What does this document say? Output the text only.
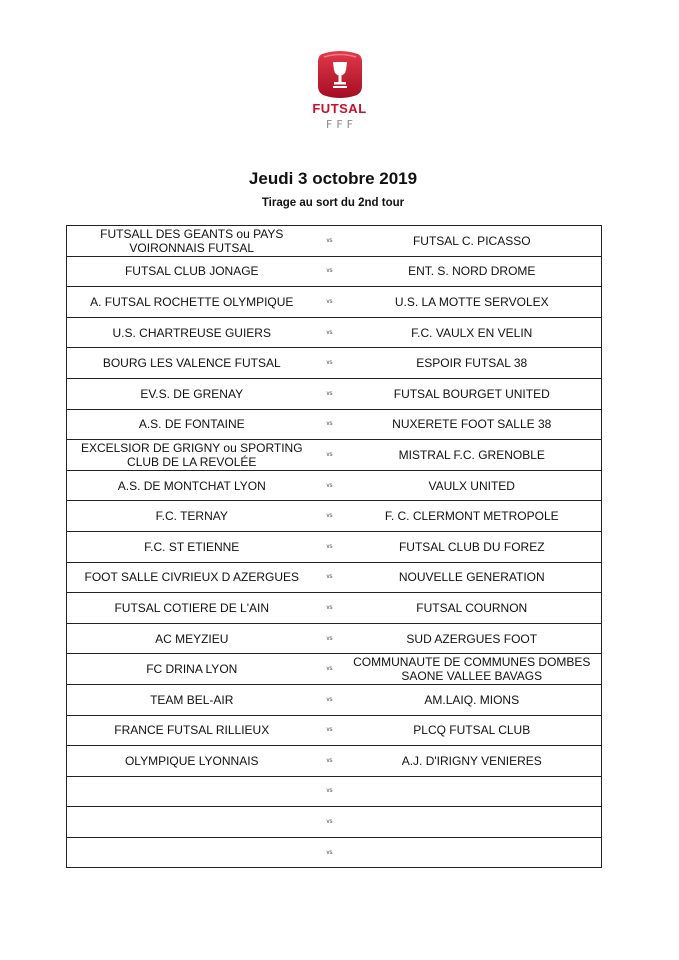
FUTSAL
FFF
Jeudi 3 octobre 2019
Tirage au sort du 2nd tour
FUTSALL DES GEANTS ou PAYS VOIRONNAIS FUTSAL	vs	FUTSAL C. PICASSO
FUTSAL CLUB JONAGE	vs	ENT. S. NORD DROME
A. FUTSAL ROCHETTE OLYMPIQUE	vs	U.S. LA MOTTE SERVOLEX
U.S. CHARTREUSE GUIERS	vs	F.C. VAULX EN VELIN
BOURG LES VALENCE FUTSAL	vs	ESPOIR FUTSAL 38
EV.S. DE GRENAY	vs	FUTSAL BOURGET UNITED
A.S. DE FONTAINE	vs	NUXERETE FOOT SALLE 38
EXCELSIOR DE GRIGNY ou SPORTING CLUB DE LA REVOLÉE	vs	MISTRAL F.C. GRENOBLE
A.S. DE MONTCHAT LYON	vs	VAULX UNITED
F.C. TERNAY	vs	F. C. CLERMONT METROPOLE
F.C. ST ETIENNE	vs	FUTSAL CLUB DU FOREZ
FOOT SALLE CIVRIEUX D AZERGUES	vs	NOUVELLE GENERATION
FUTSAL COTIERE DE L'AIN	vs	FUTSAL COURNON
AC MEYZIEU	vs	SUD AZERGUES FOOT
FC DRINA LYON	vs	COMMUNAUTE DE COMMUNES DOMBES SAONE VALLEE BAVAGS
TEAM BEL-AIR	vs	AM.LAIQ. MIONS
FRANCE FUTSAL RILLIEUX	vs	PLCQ FUTSAL CLUB
OLYMPIQUE LYONNAIS	vs	A.J. D'IRIGNY VENIERES
	vs	
	vs	
	vs	
